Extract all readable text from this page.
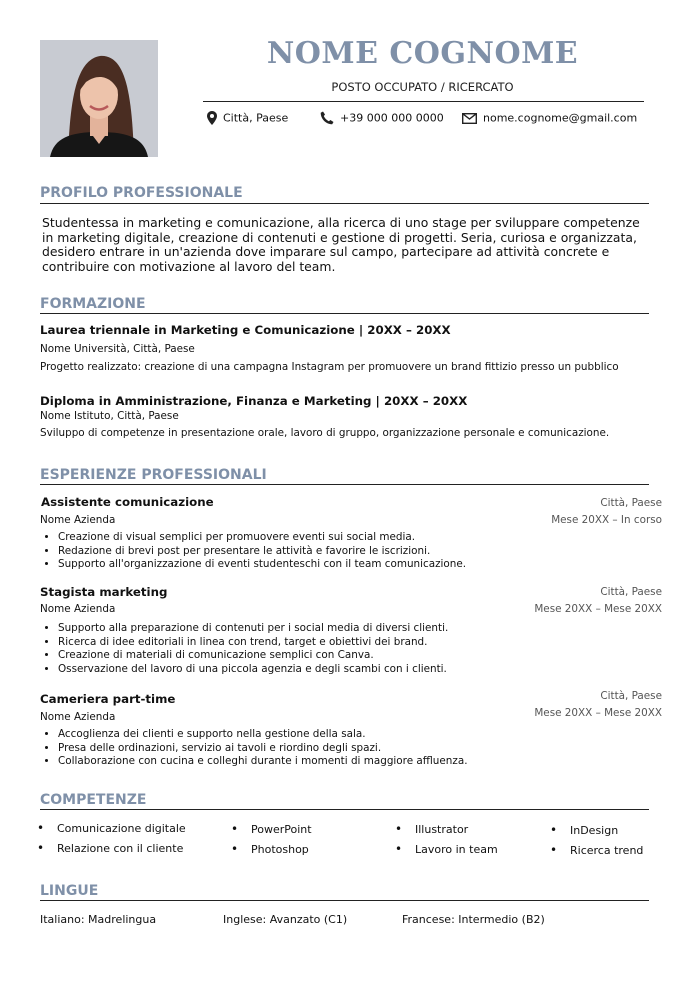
NOME COGNOME
POSTO OCCUPATO / RICERCATO
Città, Paese	+39 000 000 0000	nome.cognome@gmail.com
PROFILO PROFESSIONALE
Studentessa in marketing e comunicazione, alla ricerca di uno stage per sviluppare competenze in marketing digitale, creazione di contenuti e gestione di progetti. Seria, curiosa e organizzata, desidero entrare in un'azienda dove imparare sul campo, partecipare ad attività concrete e contribuire con motivazione al lavoro del team.
FORMAZIONE
Laurea triennale in Marketing e Comunicazione | 20XX – 20XX
Nome Università, Città, Paese
Progetto realizzato: creazione di una campagna Instagram per promuovere un brand fittizio presso un pubblico
Diploma in Amministrazione, Finanza e Marketing | 20XX – 20XX
Nome Istituto, Città, Paese
Sviluppo di competenze in presentazione orale, lavoro di gruppo, organizzazione personale e comunicazione.
ESPERIENZE PROFESSIONALI
Assistente comunicazione	Città, Paese
Nome Azienda	Mese 20XX – In corso
• Creazione di visual semplici per promuovere eventi sui social media.
• Redazione di brevi post per presentare le attività e favorire le iscrizioni.
• Supporto all'organizzazione di eventi studenteschi con il team comunicazione.
Stagista marketing	Città, Paese
Nome Azienda	Mese 20XX – Mese 20XX
• Supporto alla preparazione di contenuti per i social media di diversi clienti.
• Ricerca di idee editoriali in linea con trend, target e obiettivi dei brand.
• Creazione di materiali di comunicazione semplici con Canva.
• Osservazione del lavoro di una piccola agenzia e degli scambi con i clienti.
Cameriera part-time	Città, Paese
Nome Azienda	Mese 20XX – Mese 20XX
• Accoglienza dei clienti e supporto nella gestione della sala.
• Presa delle ordinazioni, servizio ai tavoli e riordino degli spazi.
• Collaborazione con cucina e colleghi durante i momenti di maggiore affluenza.
COMPETENZE
• Comunicazione digitale
• Relazione con il cliente
• PowerPoint
• Photoshop
• Illustrator
• Lavoro in team
• InDesign
• Ricerca trend
LINGUE
Italiano: Madrelingua	Inglese: Avanzato (C1)	Francese: Intermedio (B2)
